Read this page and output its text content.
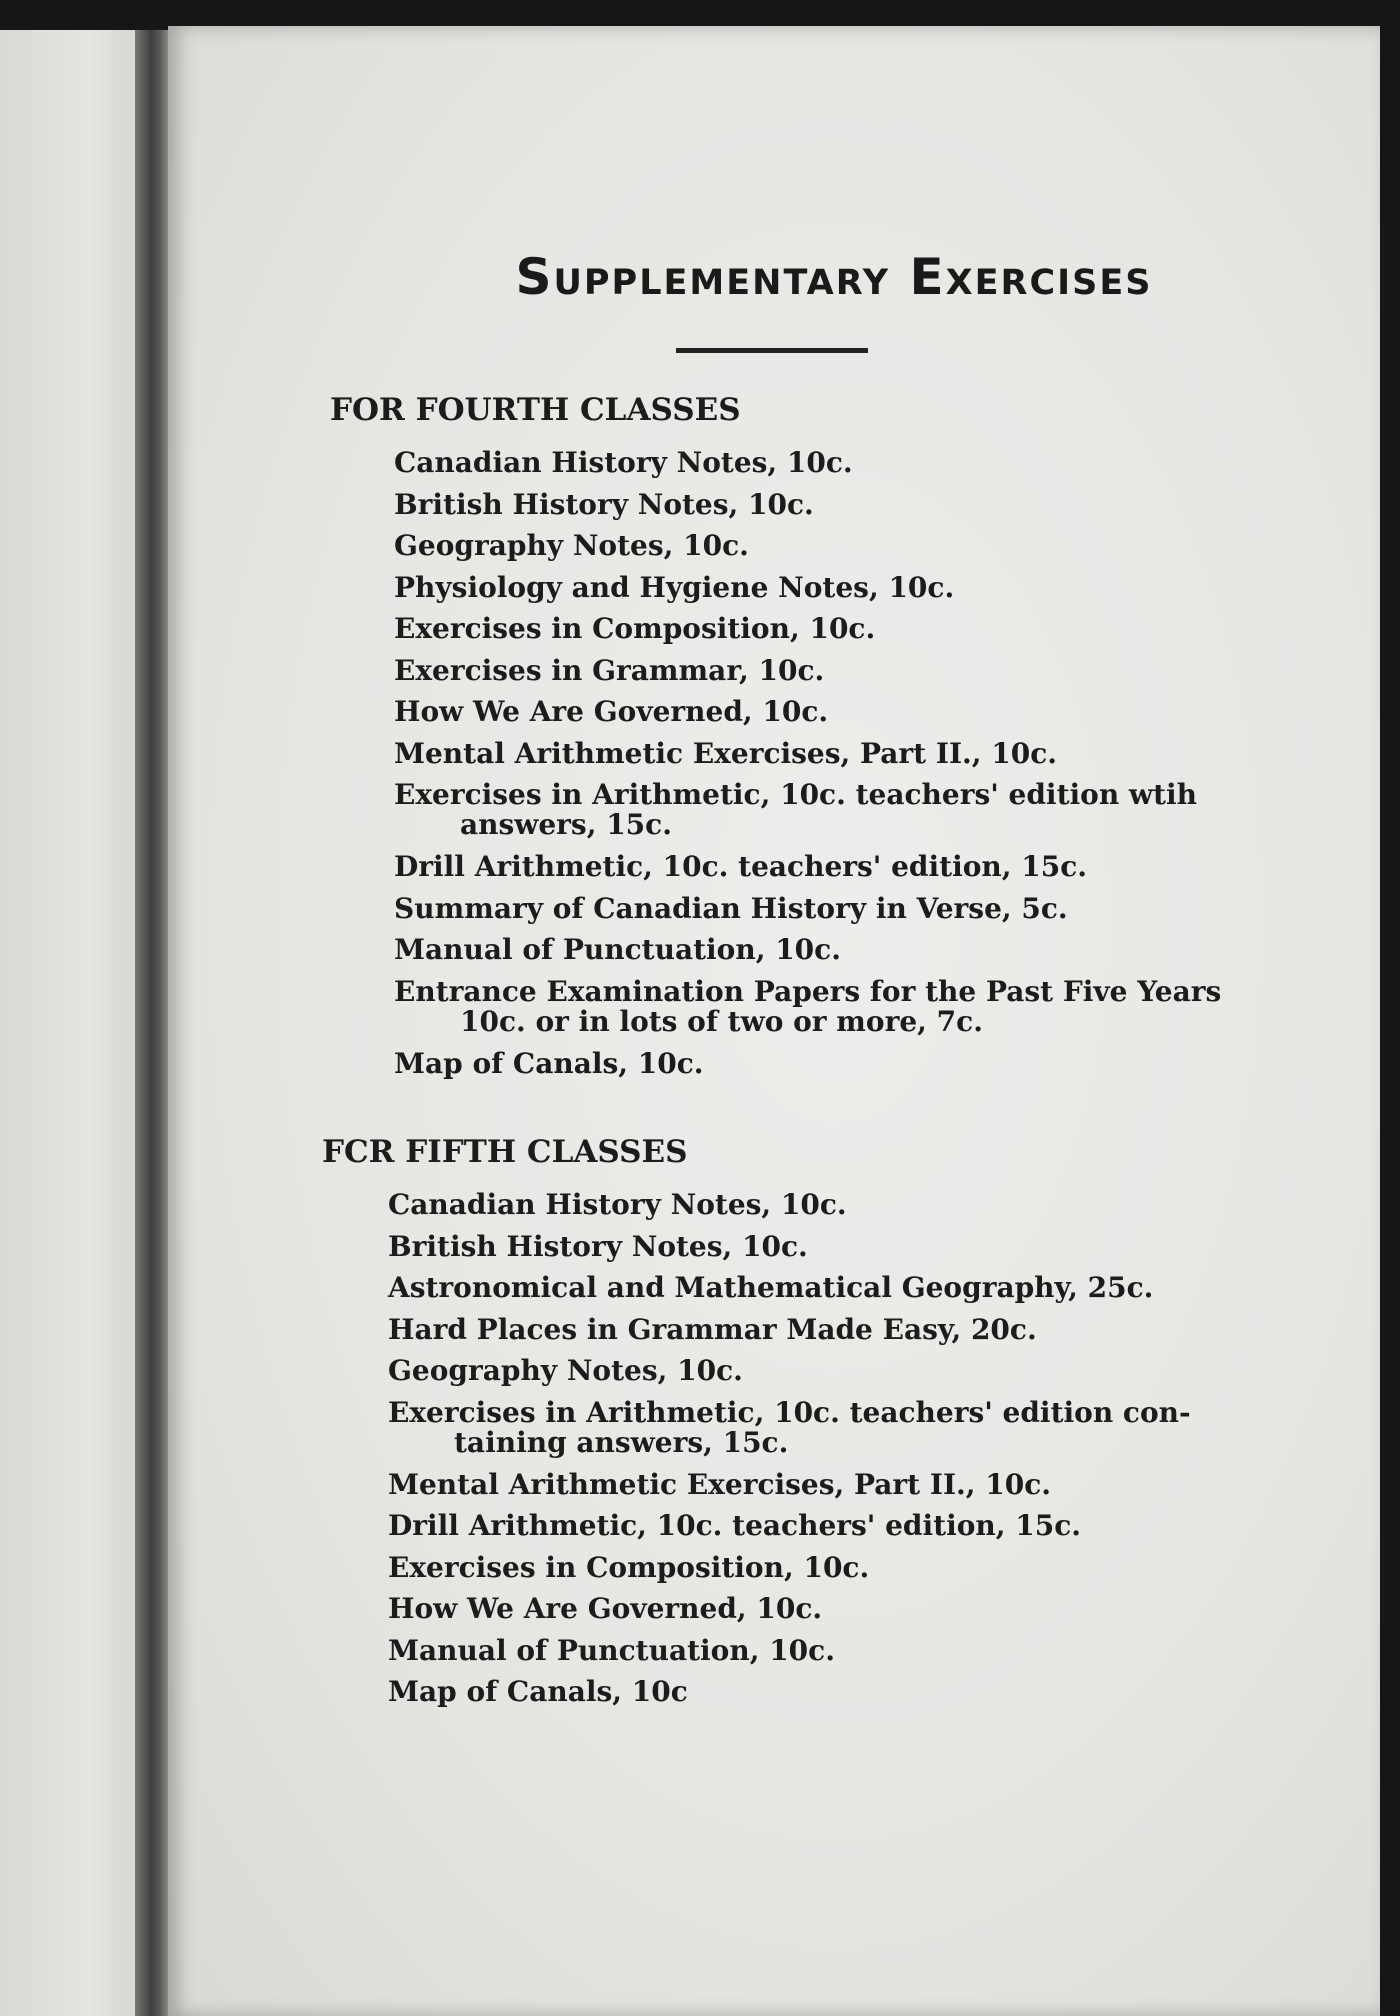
Supplementary Exercises
FOR FOURTH CLASSES
Canadian History Notes, 10c.
British History Notes, 10c.
Geography Notes, 10c.
Physiology and Hygiene Notes, 10c.
Exercises in Composition, 10c.
Exercises in Grammar, 10c.
How We Are Governed, 10c.
Mental Arithmetic Exercises, Part II., 10c.
Exercises in Arithmetic, 10c. teachers' edition wtih
answers, 15c.
Drill Arithmetic, 10c. teachers' edition, 15c.
Summary of Canadian History in Verse, 5c.
Manual of Punctuation, 10c.
Entrance Examination Papers for the Past Five Years
10c. or in lots of two or more, 7c.
Map of Canals, 10c.
FCR FIFTH CLASSES
Canadian History Notes, 10c.
British History Notes, 10c.
Astronomical and Mathematical Geography, 25c.
Hard Places in Grammar Made Easy, 20c.
Geography Notes, 10c.
Exercises in Arithmetic, 10c. teachers' edition con-
taining answers, 15c.
Mental Arithmetic Exercises, Part II., 10c.
Drill Arithmetic, 10c. teachers' edition, 15c.
Exercises in Composition, 10c.
How We Are Governed, 10c.
Manual of Punctuation, 10c.
Map of Canals, 10c
